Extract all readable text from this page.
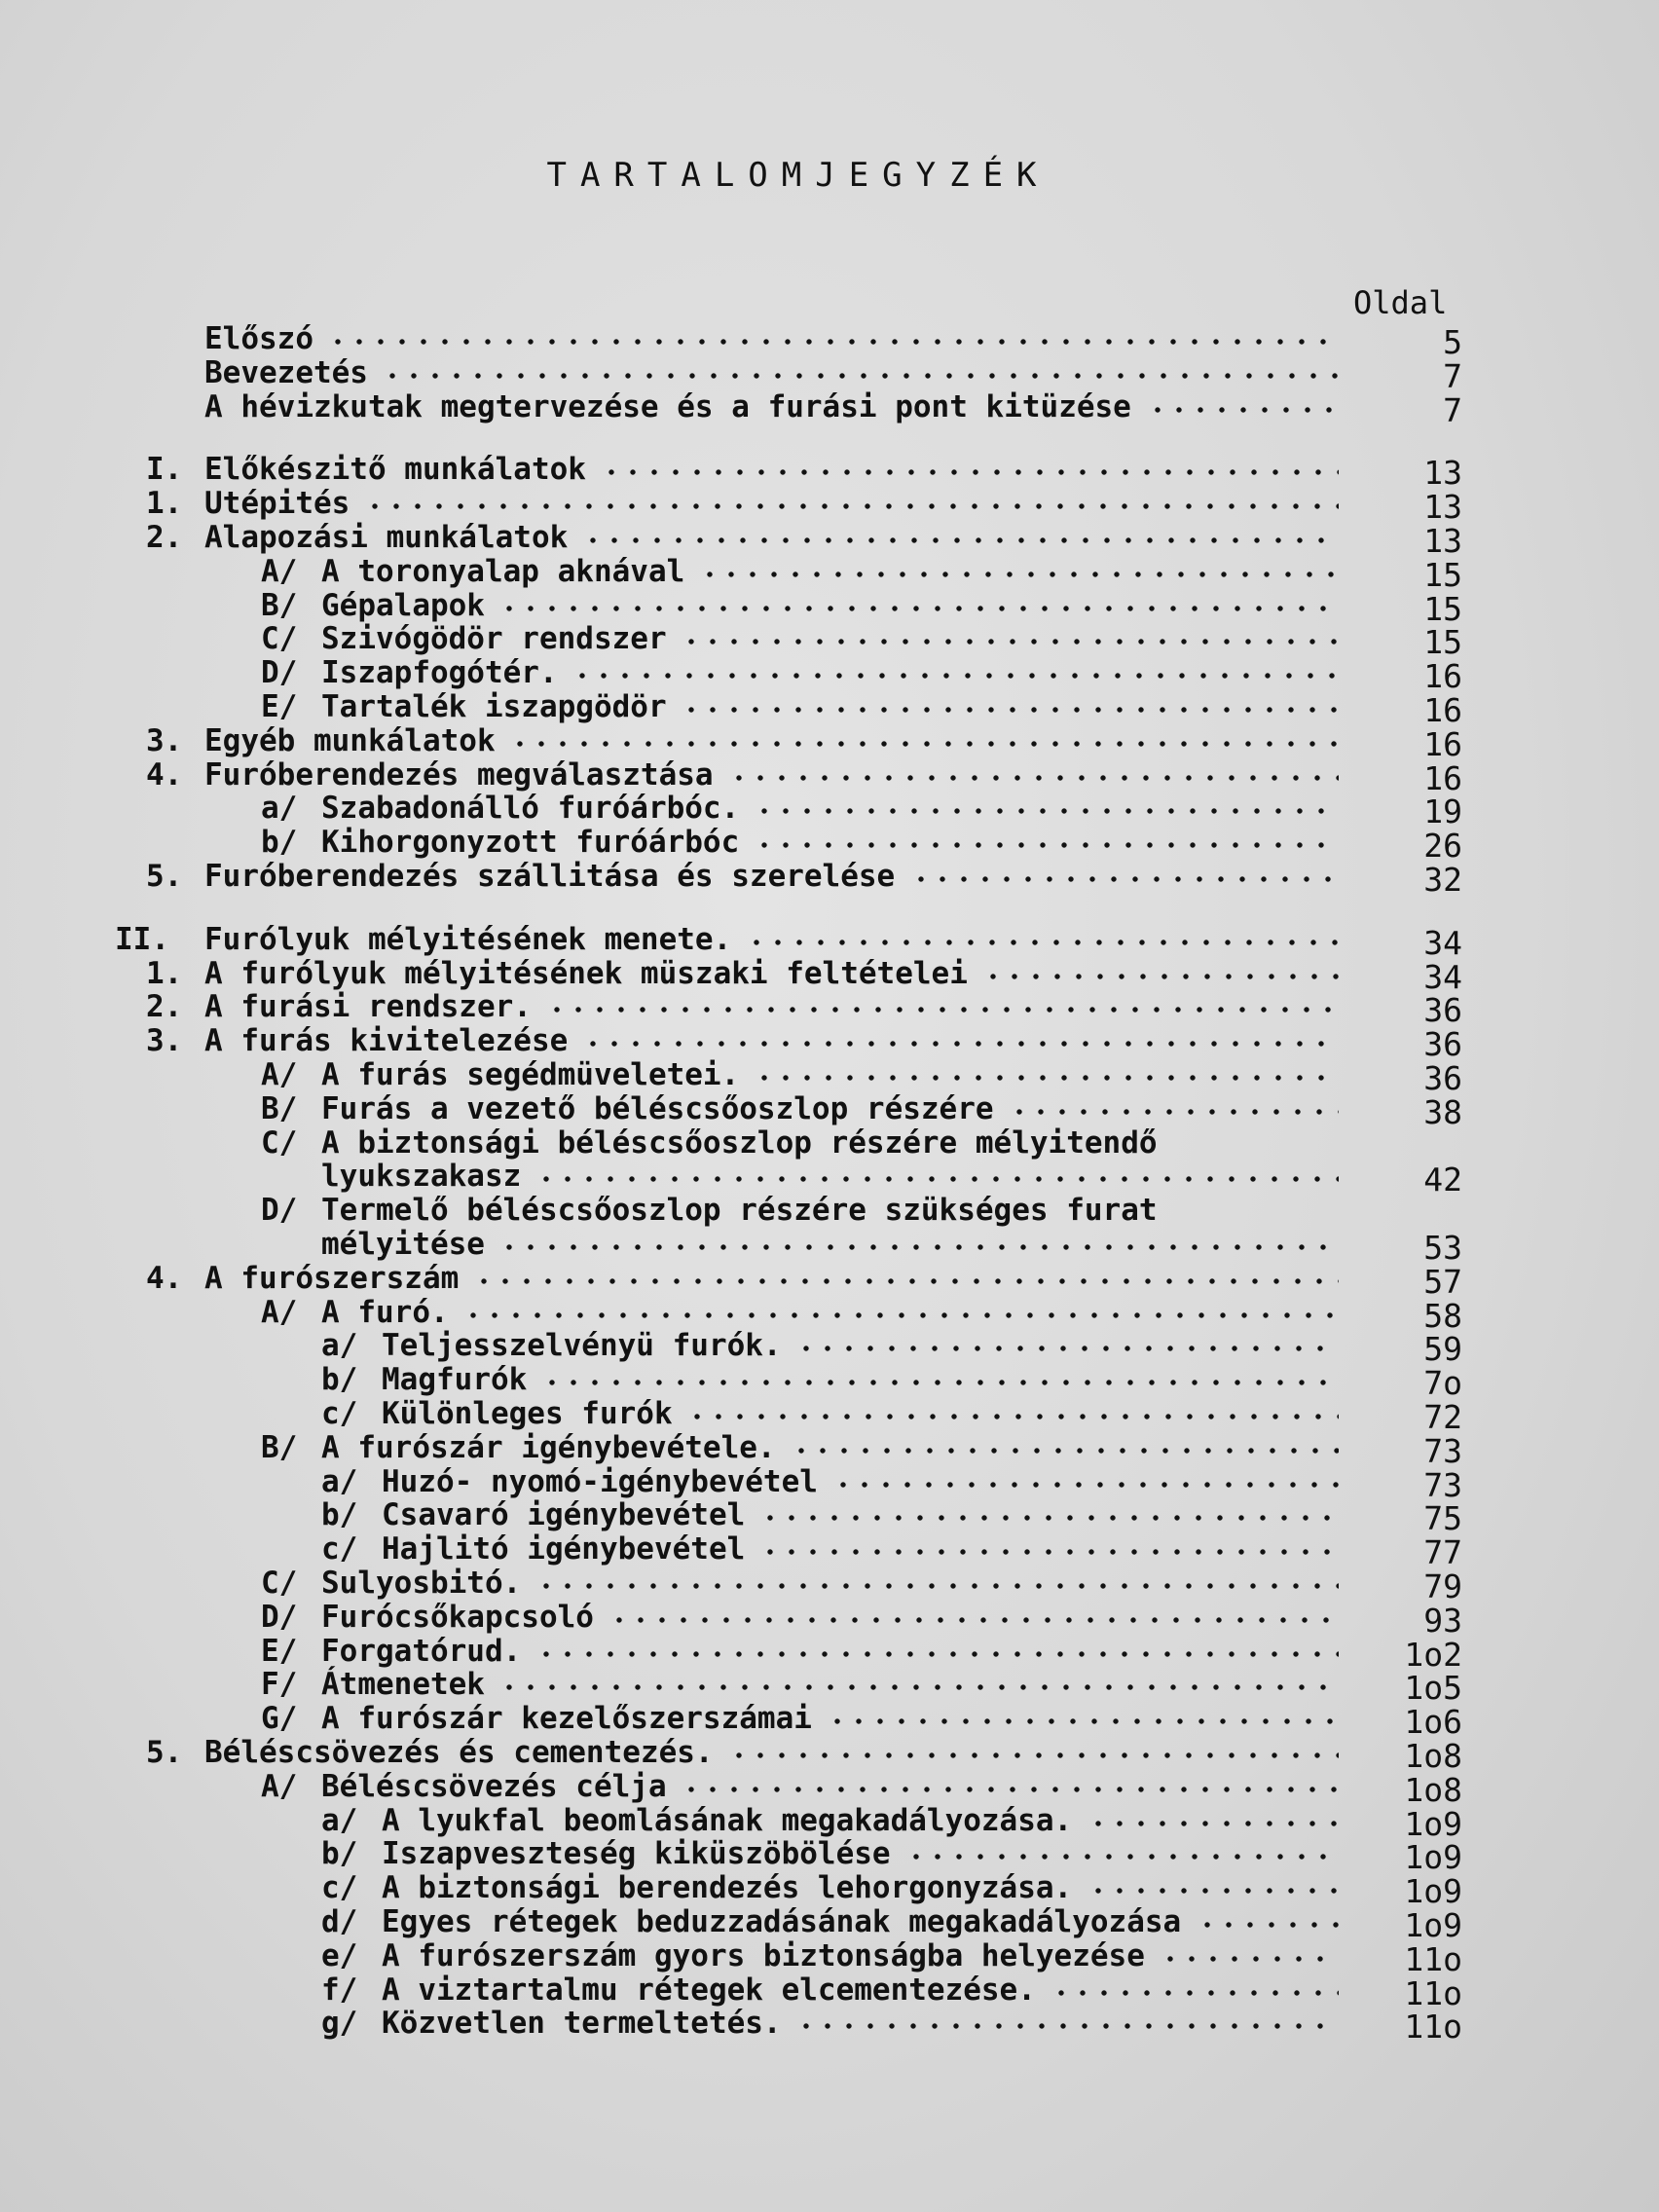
TARTALOMJEGYZÉK
Oldal
Előszó	5
Bevezetés	7
A hévizkutak megtervezése és a furási pont kitüzése	7
I. Előkészitő munkálatok	13
1. Utépités	13
2. Alapozási munkálatok	13
A/ A toronyalap aknával	15
B/ Gépalapok	15
C/ Szivógödör rendszer	15
D/ Iszapfogótér.	16
E/ Tartalék iszapgödör	16
3. Egyéb munkálatok	16
4. Furóberendezés megválasztása	16
a/ Szabadonálló furóárbóc.	19
b/ Kihorgonyzott furóárbóc	26
5. Furóberendezés szállitása és szerelése	32
II. Furólyuk mélyitésének menete.	34
1. A furólyuk mélyitésének müszaki feltételei	34
2. A furási rendszer.	36
3. A furás kivitelezése	36
A/ A furás segédmüveletei.	36
B/ Furás a vezető béléscsőoszlop részére	38
C/ A biztonsági béléscsőoszlop részére mélyitendő
lyukszakasz	42
D/ Termelő béléscsőoszlop részére szükséges furat
mélyitése	53
4. A furószerszám	57
A/ A furó.	58
a/ Teljesszelvényü furók.	59
b/ Magfurók	7o
c/ Különleges furók	72
B/ A furószár igénybevétele.	73
a/ Huzó- nyomó-igénybevétel	73
b/ Csavaró igénybevétel	75
c/ Hajlitó igénybevétel	77
C/ Sulyosbitó.	79
D/ Furócsőkapcsoló	93
E/ Forgatórud.	1o2
F/ Átmenetek	1o5
G/ A furószár kezelőszerszámai	1o6
5. Béléscsövezés és cementezés.	1o8
A/ Béléscsövezés célja	1o8
a/ A lyukfal beomlásának megakadályozása.	1o9
b/ Iszapveszteség kiküszöbölése	1o9
c/ A biztonsági berendezés lehorgonyzása.	1o9
d/ Egyes rétegek beduzzadásának megakadályozása	1o9
e/ A furószerszám gyors biztonságba helyezése	11o
f/ A viztartalmu rétegek elcementezése.	11o
g/ Közvetlen termeltetés.	11o
